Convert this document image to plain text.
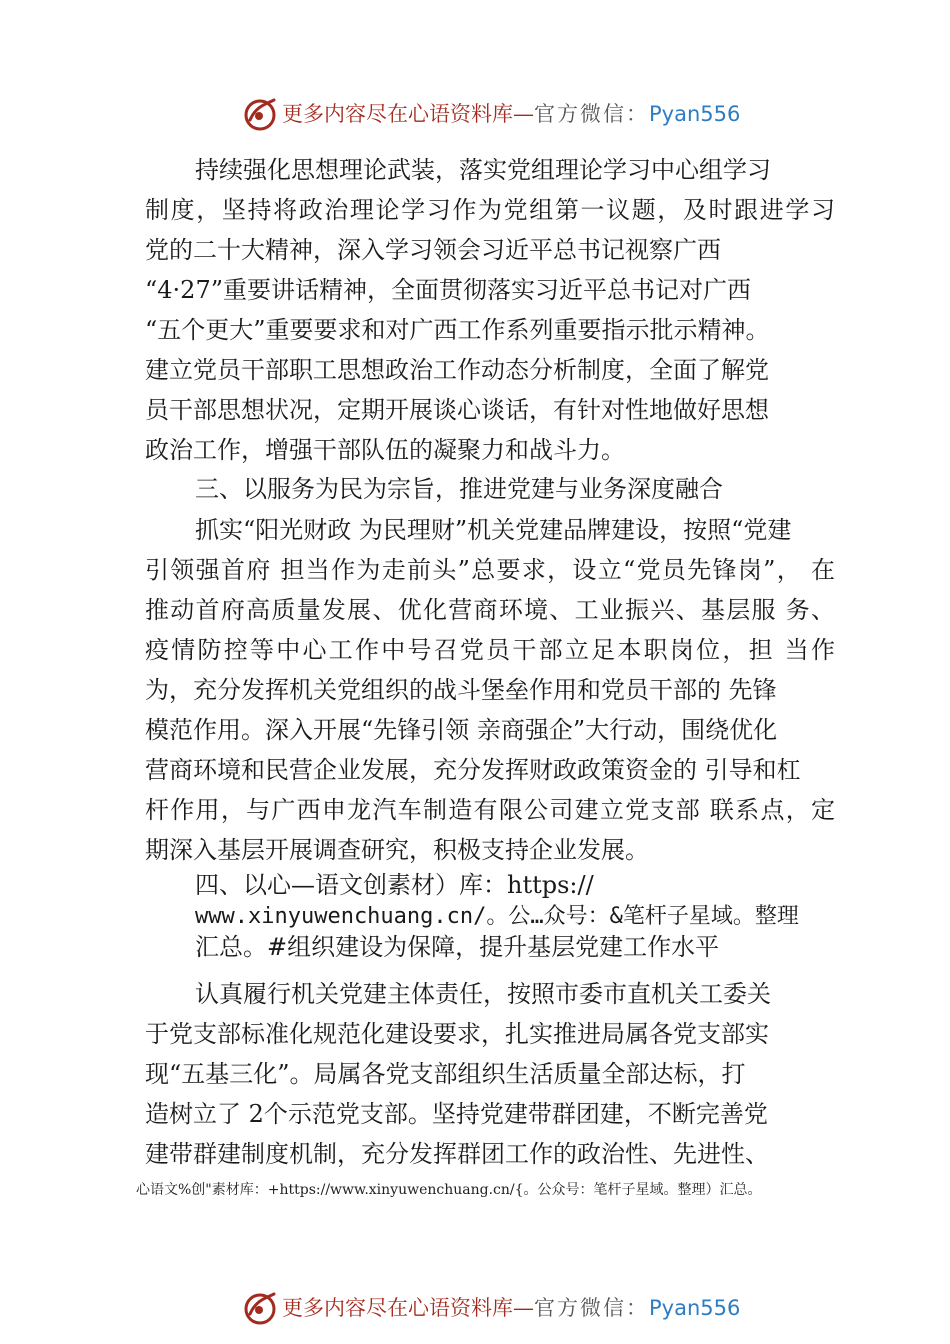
更多内容尽在心语资料库—官方微信：Pyan556
持续强化思想理论武装，落实党组理论学习中心组学习
制度，坚持将政治理论学习作为党组第一议题，及时跟进学习
党的二十大精神，深入学习领会习近平总书记视察广西
“4·27”重要讲话精神，全面贯彻落实习近平总书记对广西
“五个更大”重要要求和对广西工作系列重要指示批示精神。
建立党员干部职工思想政治工作动态分析制度，全面了解党
员干部思想状况，定期开展谈心谈话，有针对性地做好思想
政治工作，增强干部队伍的凝聚力和战斗力。
三、以服务为民为宗旨，推进党建与业务深度融合
抓实“阳光财政 为民理财”机关党建品牌建设，按照“党建
引领强首府 担当作为走前头”总要求，设立“党员先锋岗”， 在
推动首府高质量发展、优化营商环境、工业振兴、基层服 务、
疫情防控等中心工作中号召党员干部立足本职岗位，担 当作
为，充分发挥机关党组织的战斗堡垒作用和党员干部的 先锋
模范作用。深入开展“先锋引领 亲商强企”大行动，围绕优化
营商环境和民营企业发展，充分发挥财政政策资金的 引导和杠
杆作用，与广西申龙汽车制造有限公司建立党支部 联系点，定
期深入基层开展调查研究，积极支持企业发展。
四、以心—语文创素材）库：https://
www.xinyuwenchuang.cn/。公…众号：&笔杆子星域。整理
汇总。#组织建设为保障，提升基层党建工作水平
认真履行机关党建主体责任，按照市委市直机关工委关
于党支部标准化规范化建设要求，扎实推进局属各党支部实
现“五基三化”。局属各党支部组织生活质量全部达标，打
造树立了 2个示范党支部。坚持党建带群团建，不断完善党
建带群建制度机制，充分发挥群团工作的政治性、先进性、
心语文%创"素材库：+https://www.xinyuwenchuang.cn/{。公众号：笔杆子星域。整理）汇总。
更多内容尽在心语资料库—官方微信：Pyan556
